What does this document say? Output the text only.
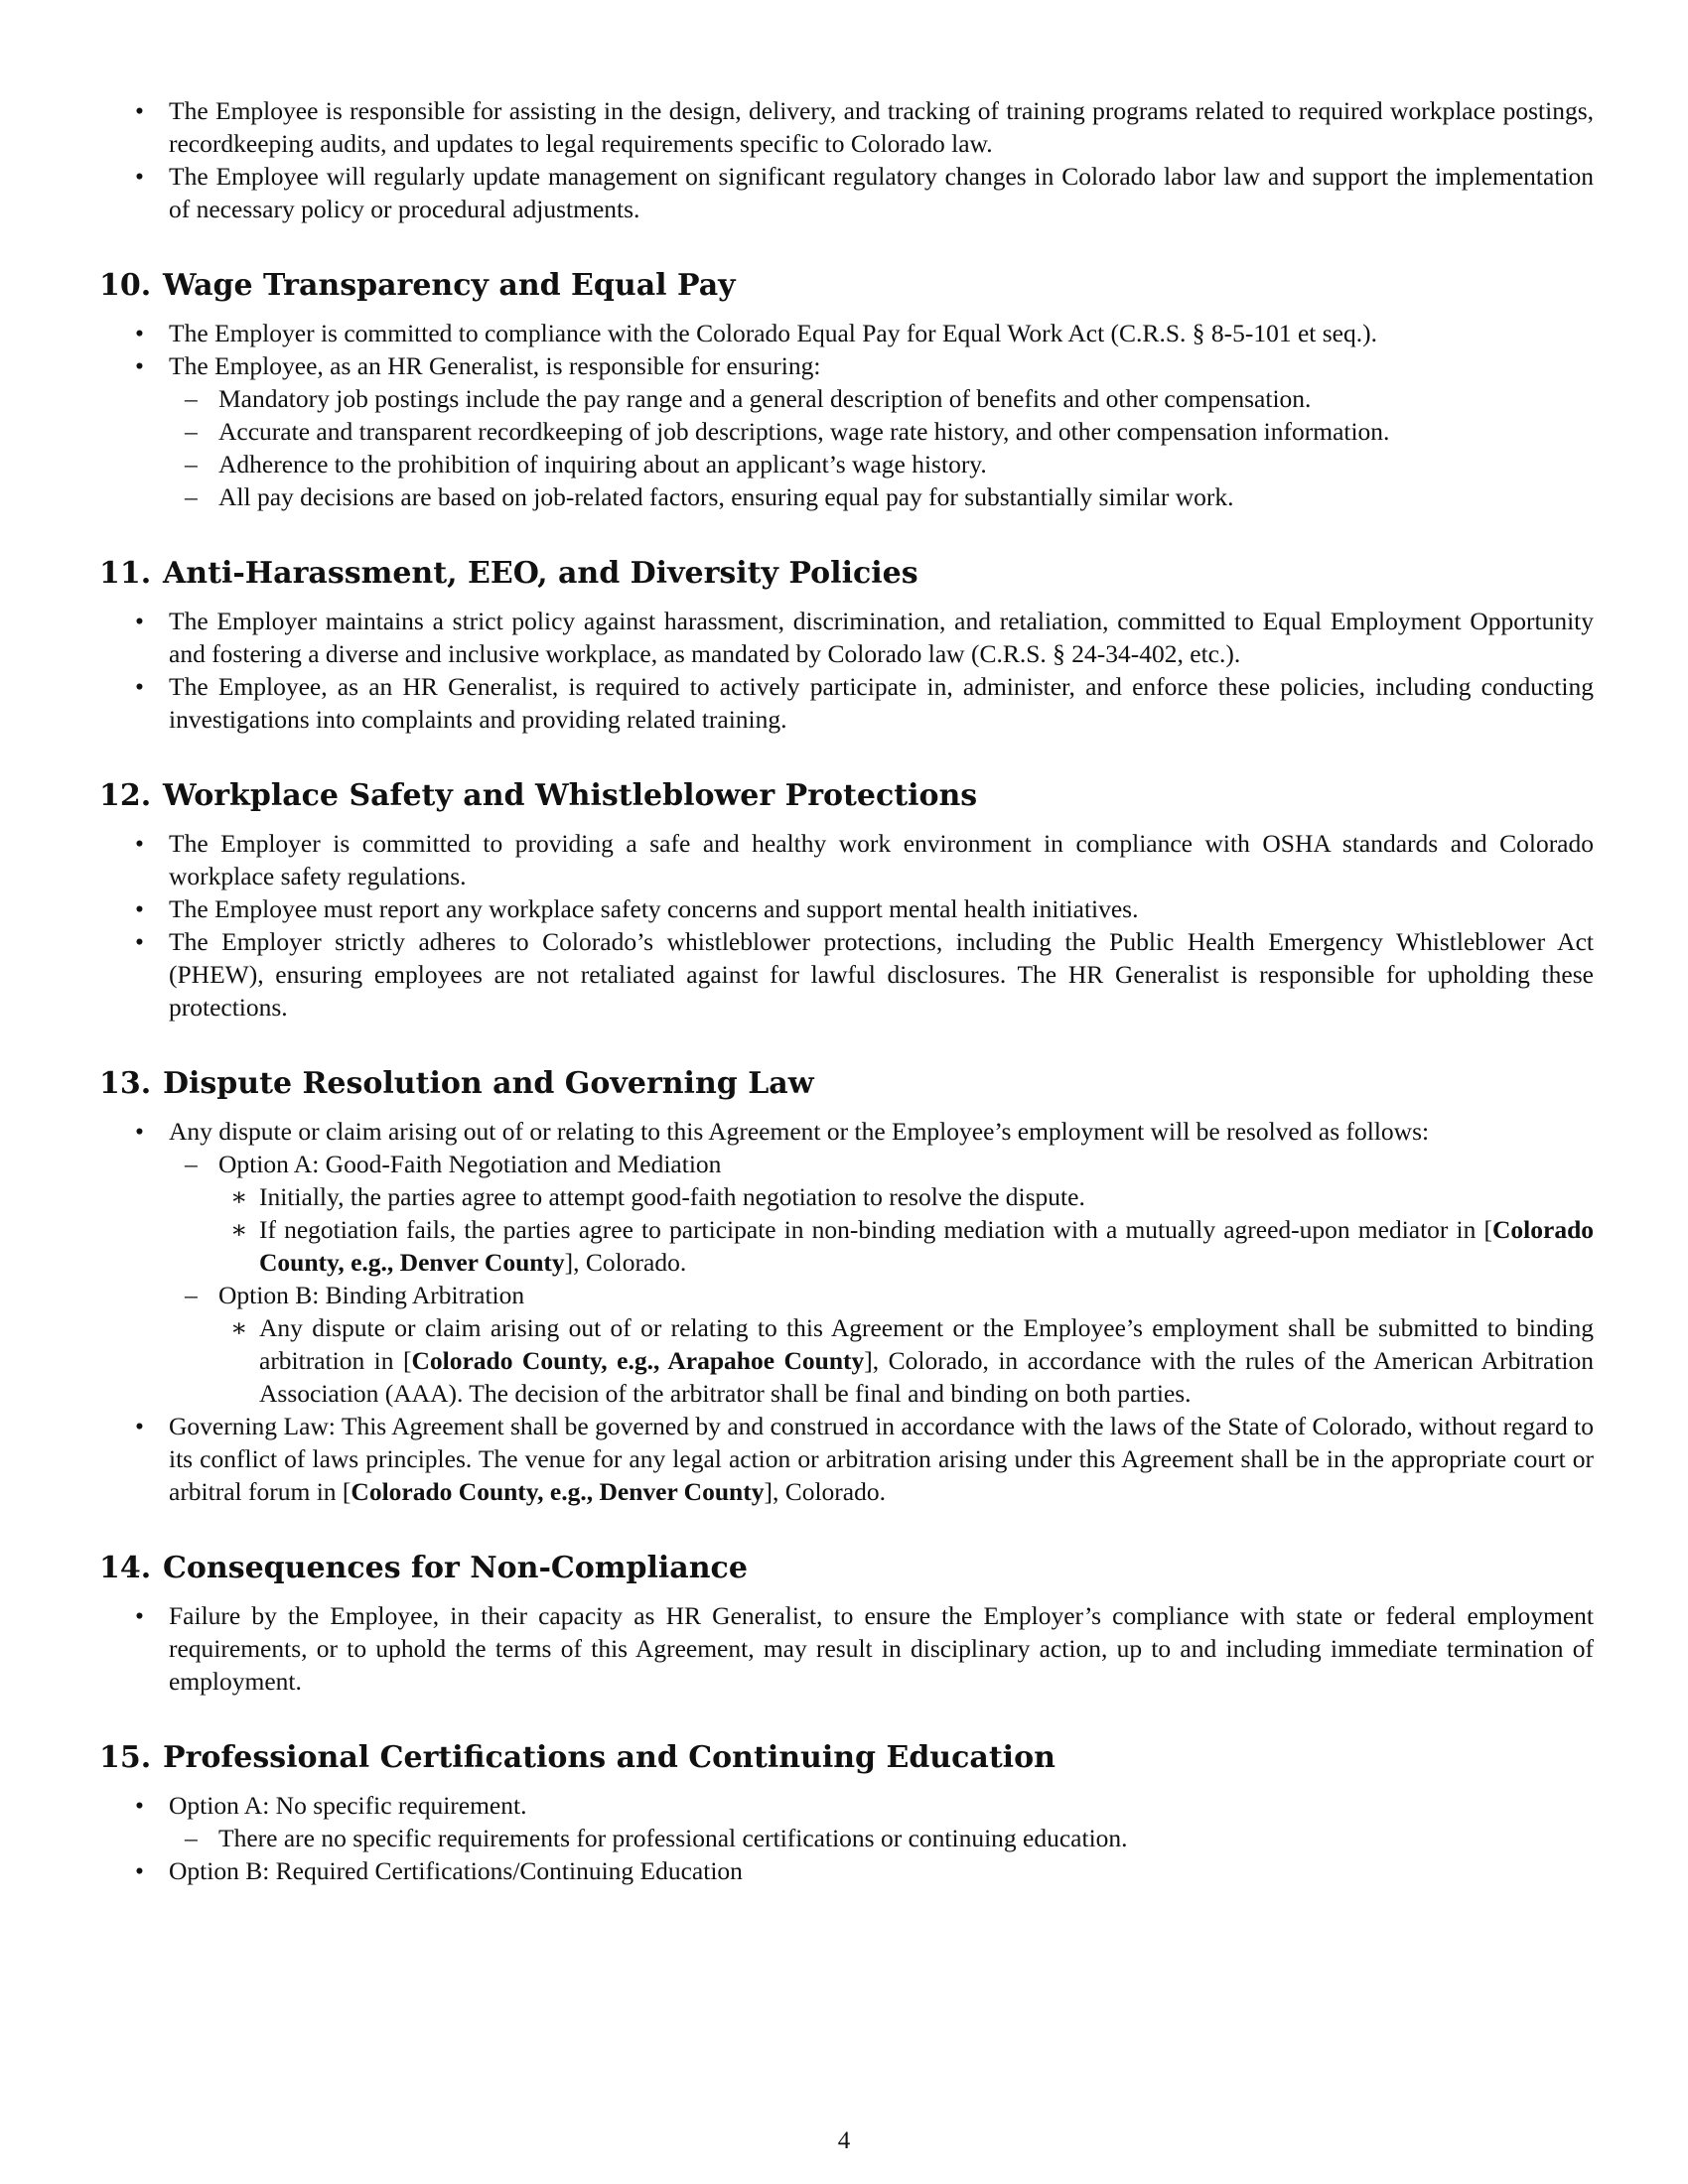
• The Employee is responsible for assisting in the design, delivery, and tracking of training programs related to required workplace postings, recordkeeping audits, and updates to legal requirements specific to Colorado law.
• The Employee will regularly update management on significant regulatory changes in Colorado labor law and support the implementation of necessary policy or procedural adjustments.
10. Wage Transparency and Equal Pay
• The Employer is committed to compliance with the Colorado Equal Pay for Equal Work Act (C.R.S. § 8-5-101 et seq.).
• The Employee, as an HR Generalist, is responsible for ensuring:
– Mandatory job postings include the pay range and a general description of benefits and other compensation.
– Accurate and transparent recordkeeping of job descriptions, wage rate history, and other compensation information.
– Adherence to the prohibition of inquiring about an applicant’s wage history.
– All pay decisions are based on job-related factors, ensuring equal pay for substantially similar work.
11. Anti-Harassment, EEO, and Diversity Policies
• The Employer maintains a strict policy against harassment, discrimination, and retaliation, committed to Equal Employment Opportunity and fostering a diverse and inclusive workplace, as mandated by Colorado law (C.R.S. § 24-34-402, etc.).
• The Employee, as an HR Generalist, is required to actively participate in, administer, and enforce these policies, including conducting investigations into complaints and providing related training.
12. Workplace Safety and Whistleblower Protections
• The Employer is committed to providing a safe and healthy work environment in compliance with OSHA standards and Colorado workplace safety regulations.
• The Employee must report any workplace safety concerns and support mental health initiatives.
• The Employer strictly adheres to Colorado’s whistleblower protections, including the Public Health Emergency Whistleblower Act (PHEW), ensuring employees are not retaliated against for lawful disclosures. The HR Generalist is responsible for upholding these protections.
13. Dispute Resolution and Governing Law
• Any dispute or claim arising out of or relating to this Agreement or the Employee’s employment will be resolved as follows:
– Option A: Good-Faith Negotiation and Mediation
∗ Initially, the parties agree to attempt good-faith negotiation to resolve the dispute.
∗ If negotiation fails, the parties agree to participate in non-binding mediation with a mutually agreed-upon mediator in [Colorado County, e.g., Denver County], Colorado.
– Option B: Binding Arbitration
∗ Any dispute or claim arising out of or relating to this Agreement or the Employee’s employment shall be submitted to binding arbitration in [Colorado County, e.g., Arapahoe County], Colorado, in accordance with the rules of the American Arbitration Association (AAA). The decision of the arbitrator shall be final and binding on both parties.
• Governing Law: This Agreement shall be governed by and construed in accordance with the laws of the State of Colorado, without regard to its conflict of laws principles. The venue for any legal action or arbitration arising under this Agreement shall be in the appropriate court or arbitral forum in [Colorado County, e.g., Denver County], Colorado.
14. Consequences for Non-Compliance
• Failure by the Employee, in their capacity as HR Generalist, to ensure the Employer’s compliance with state or federal employment requirements, or to uphold the terms of this Agreement, may result in disciplinary action, up to and including immediate termination of employment.
15. Professional Certifications and Continuing Education
• Option A: No specific requirement.
– There are no specific requirements for professional certifications or continuing education.
• Option B: Required Certifications/Continuing Education
4
